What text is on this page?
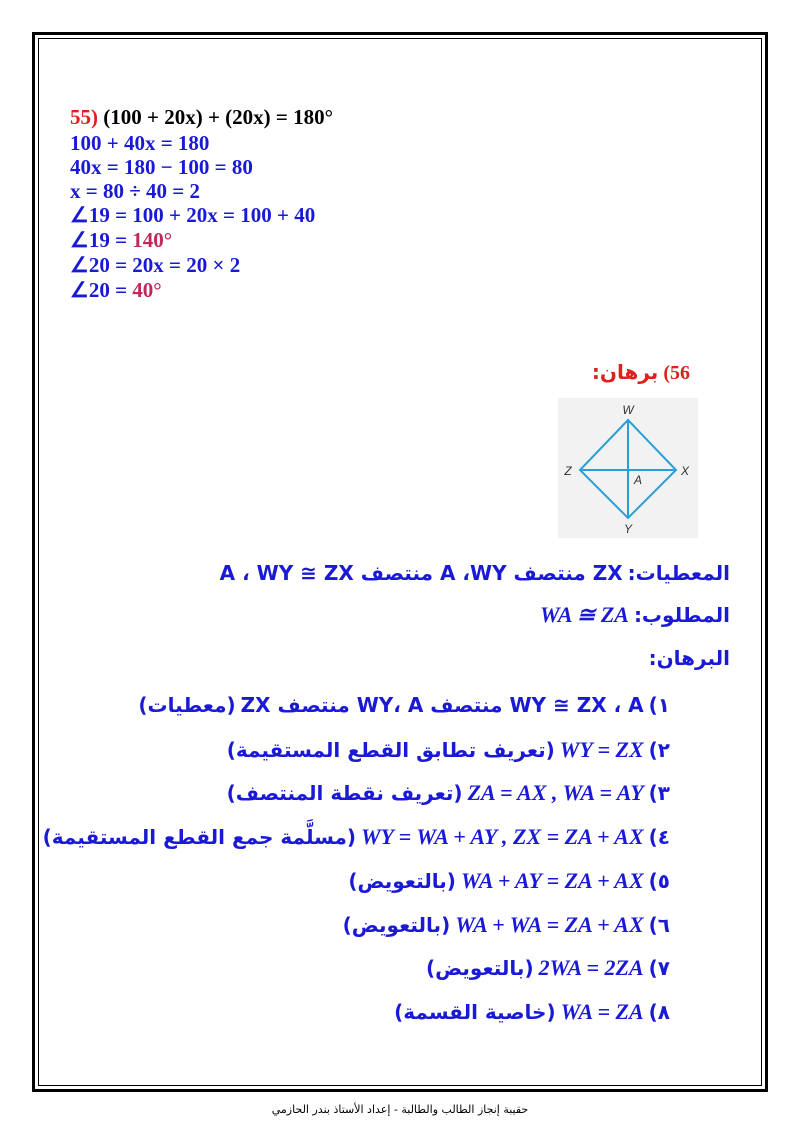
55) (100 + 20x) + (20x) = 180°
100 + 40x = 180
40x = 180 − 100 = 80
x = 80 ÷ 40 = 2
∠19 = 100 + 20x = 100 + 40
∠19 = 140°
∠20 = 20x = 20 × 2
∠20 = 40°
56) برهان:
W
Z	X
Y
A
المعطيات: ZX منتصف A ،WY منتصف A ، WY ≅ ZX
المطلوب: WA ≅ ZA
البرهان:
١) WY ≅ ZX ، A منتصف WY، A منتصف ZX (معطيات)
٢) WY = ZX (تعريف تطابق القطع المستقيمة)
٣) ZA = AX , WA = AY (تعريف نقطة المنتصف)
٤) WY = WA + AY , ZX = ZA + AX (مسلَّمة جمع القطع المستقيمة)
٥) WA + AY = ZA + AX (بالتعويض)
٦) WA + WA = ZA + AX (بالتعويض)
٧) 2WA = 2ZA (بالتعويض)
٨) WA = ZA (خاصية القسمة)
حقيبة إنجاز الطالب والطالبة - إعداد الأستاذ بندر الحازمي
